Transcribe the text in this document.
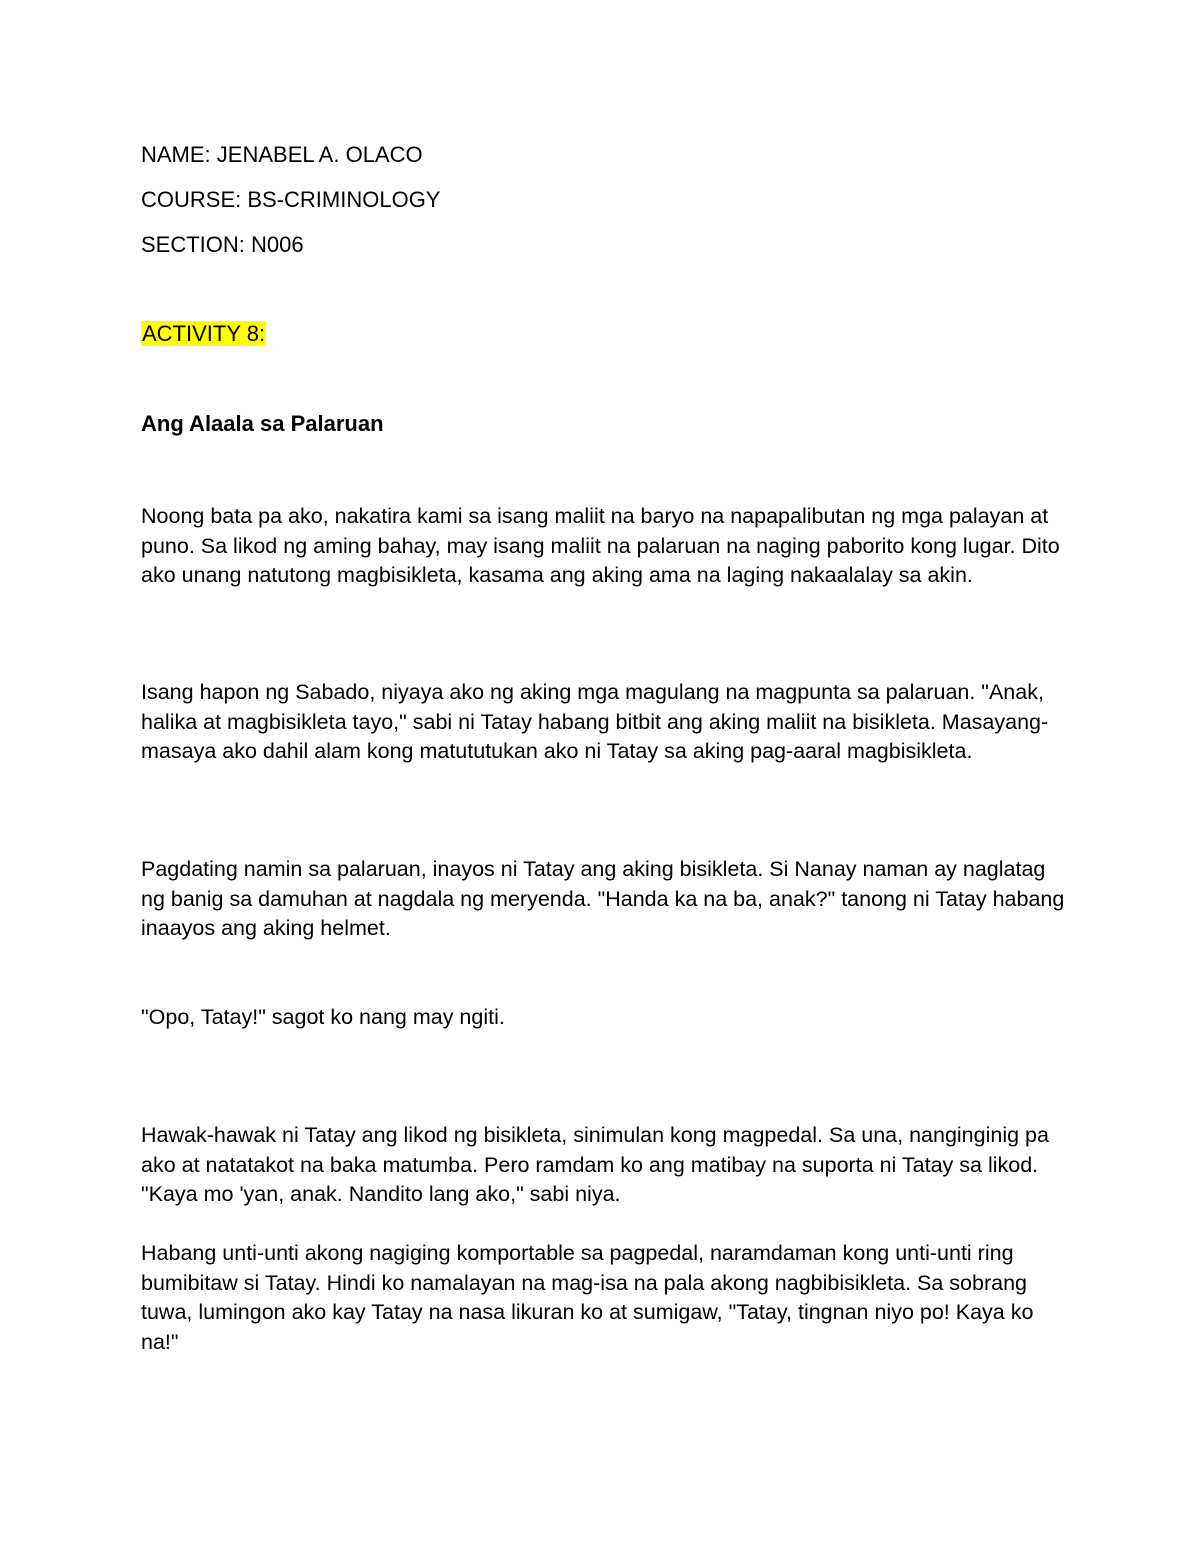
NAME: JENABEL A. OLACO

COURSE: BS-CRIMINOLOGY

SECTION: N006

ACTIVITY 8:

Ang Alaala sa Palaruan

Noong bata pa ako, nakatira kami sa isang maliit na baryo na napapalibutan ng mga palayan at puno. Sa likod ng aming bahay, may isang maliit na palaruan na naging paborito kong lugar. Dito ako unang natutong magbisikleta, kasama ang aking ama na laging nakaalalay sa akin.

Isang hapon ng Sabado, niyaya ako ng aking mga magulang na magpunta sa palaruan. "Anak, halika at magbisikleta tayo," sabi ni Tatay habang bitbit ang aking maliit na bisikleta. Masayang-masaya ako dahil alam kong matututukan ako ni Tatay sa aking pag-aaral magbisikleta.

Pagdating namin sa palaruan, inayos ni Tatay ang aking bisikleta. Si Nanay naman ay naglatag ng banig sa damuhan at nagdala ng meryenda. "Handa ka na ba, anak?" tanong ni Tatay habang inaayos ang aking helmet.

"Opo, Tatay!" sagot ko nang may ngiti.

Hawak-hawak ni Tatay ang likod ng bisikleta, sinimulan kong magpedal. Sa una, nanginginig pa ako at natatakot na baka matumba. Pero ramdam ko ang matibay na suporta ni Tatay sa likod. "Kaya mo 'yan, anak. Nandito lang ako," sabi niya.

Habang unti-unti akong nagiging komportable sa pagpedal, naramdaman kong unti-unti ring bumibitaw si Tatay. Hindi ko namalayan na mag-isa na pala akong nagbibisikleta. Sa sobrang tuwa, lumingon ako kay Tatay na nasa likuran ko at sumigaw, "Tatay, tingnan niyo po! Kaya ko na!"
